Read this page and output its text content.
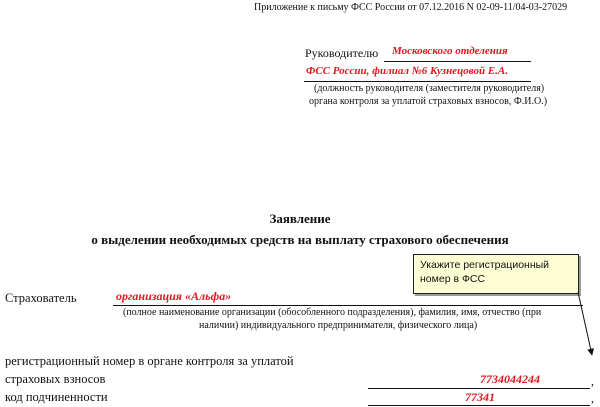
Приложение к письму ФСС России от 07.12.2016 N 02-09-11/04-03-27029
Руководителю Московского отделения
ФСС России, филиал №6 Кузнецовой Е.А.
(должность руководителя (заместителя руководителя)
органа контроля за уплатой страховых взносов, Ф.И.О.)
Заявление
о выделении необходимых средств на выплату страхового обеспечения
Укажите регистрационный номер в ФСС
Страхователь	организация «Альфа»
(полное наименование организации (обособленного подразделения), фамилия, имя, отчество (при
наличии) индивидуального предпринимателя, физического лица)
регистрационный номер в органе контроля за уплатой
страховых взносов	7734044244	,
код подчиненности	77341	,
